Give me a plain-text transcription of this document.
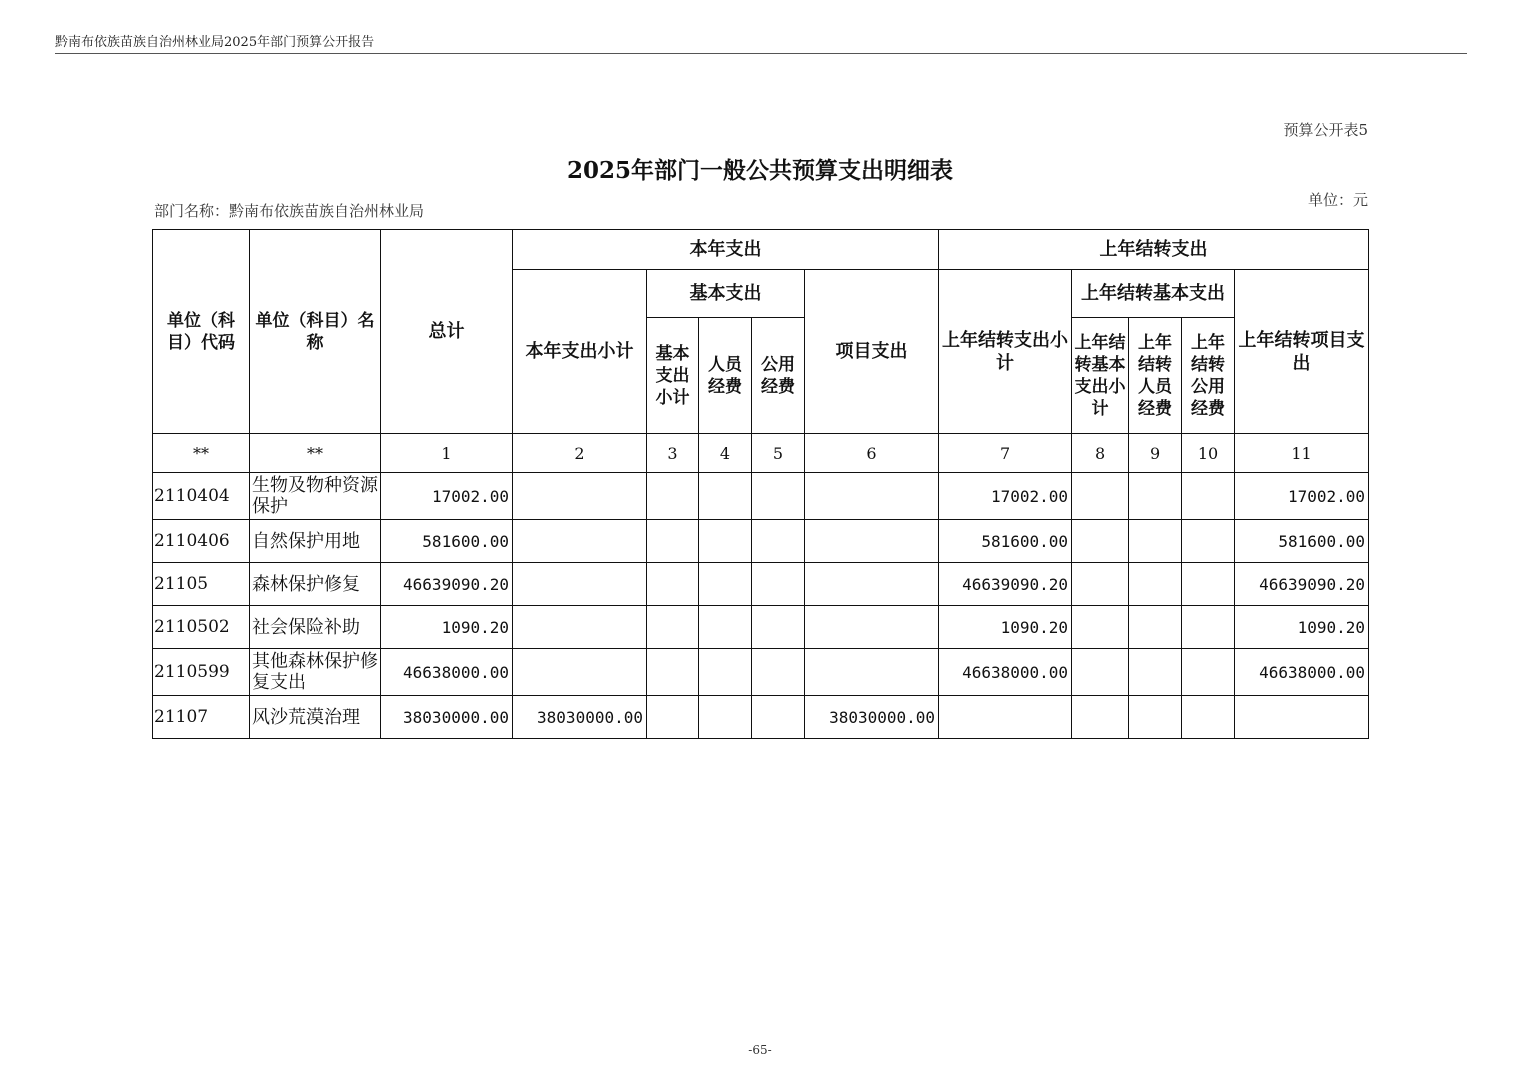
黔南布依族苗族自治州林业局2025年部门预算公开报告
预算公开表5
2025年部门一般公共预算支出明细表
部门名称：黔南布依族苗族自治州林业局
单位：元
单位（科目）代码	单位（科目）名称	总计	本年支出					上年结转支出				
			本年支出小计	基本支出			项目支出	上年结转支出小计	上年结转基本支出			上年结转项目支出
				基本支出小计	人员经费	公用经费			上年结转基本支出小计	上年结转人员经费	上年结转公用经费	

**	**	1	2	3	4	5	6	7	8	9	10	11
2110404	生物及物种资源保护	17002.00						17002.00				17002.00
2110406	自然保护用地	581600.00						581600.00				581600.00
21105	森林保护修复	46639090.20						46639090.20				46639090.20
2110502	社会保险补助	1090.20						1090.20				1090.20
2110599	其他森林保护修复支出	46638000.00						46638000.00				46638000.00
21107	风沙荒漠治理	38030000.00	38030000.00				38030000.00					
-65-
